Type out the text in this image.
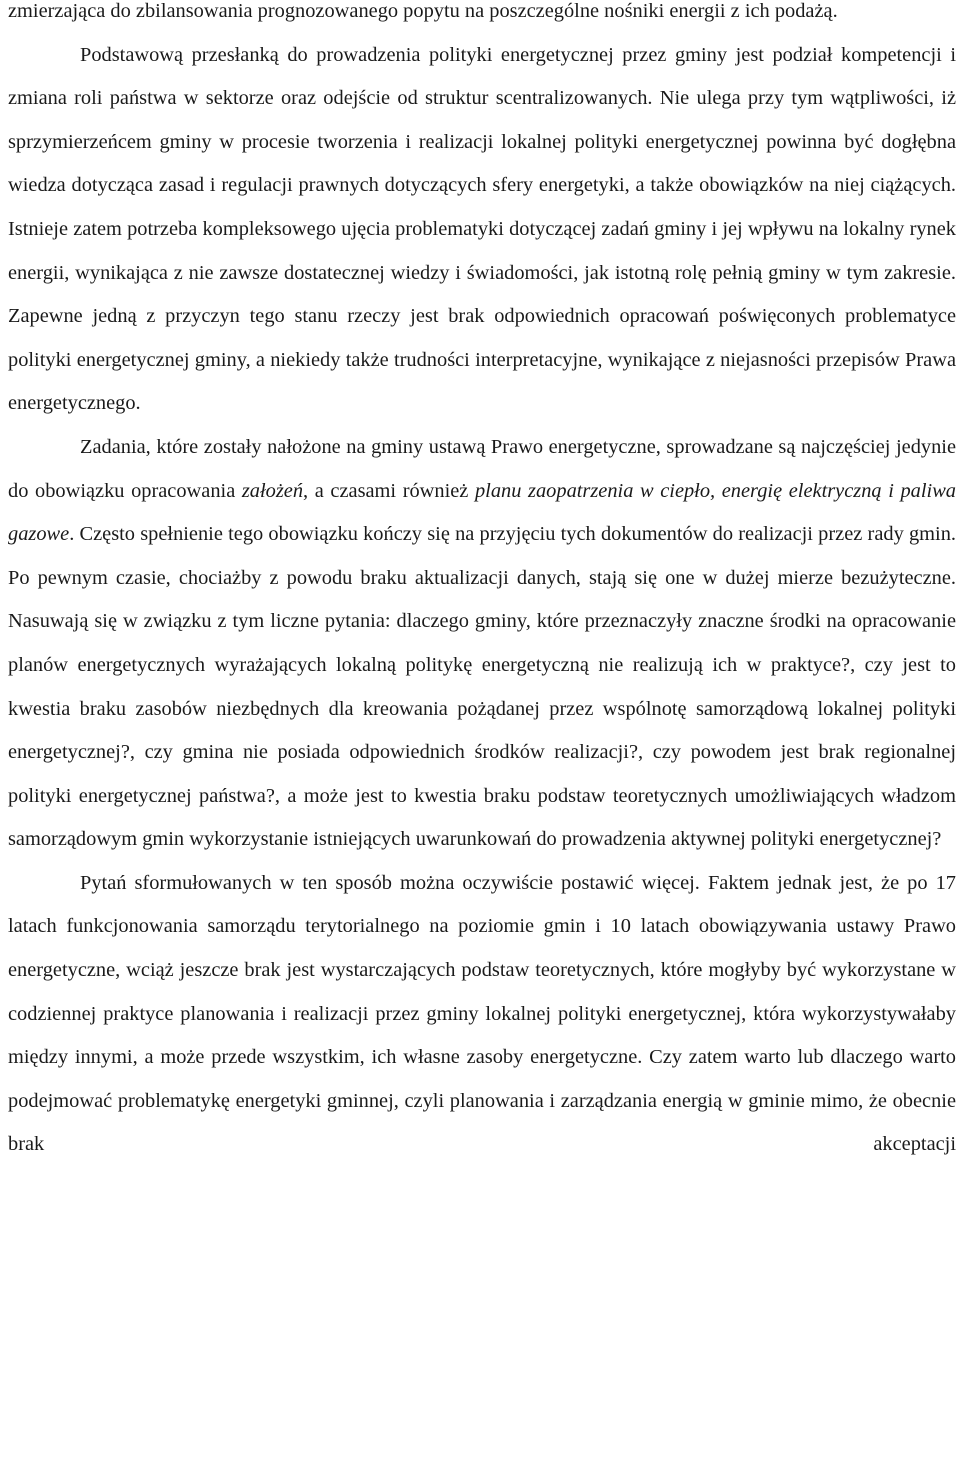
zmierzająca do zbilansowania prognozowanego popytu na poszczególne nośniki energii z ich podażą.

Podstawową przesłanką do prowadzenia polityki energetycznej przez gminy jest podział kompetencji i zmiana roli państwa w sektorze oraz odejście od struktur scentralizowanych. Nie ulega przy tym wątpliwości, iż sprzymierzeńcem gminy w procesie tworzenia i realizacji lokalnej polityki energetycznej powinna być dogłębna wiedza dotycząca zasad i regulacji prawnych dotyczących sfery energetyki, a także obowiązków na niej ciążących. Istnieje zatem potrzeba kompleksowego ujęcia problematyki dotyczącej zadań gminy i jej wpływu na lokalny rynek energii, wynikająca z nie zawsze dostatecznej wiedzy i świadomości, jak istotną rolę pełnią gminy w tym zakresie. Zapewne jedną z przyczyn tego stanu rzeczy jest brak odpowiednich opracowań poświęconych problematyce polityki energetycznej gminy, a niekiedy także trudności interpretacyjne, wynikające z niejasności przepisów Prawa energetycznego.

Zadania, które zostały nałożone na gminy ustawą Prawo energetyczne, sprowadzane są najczęściej jedynie do obowiązku opracowania założeń, a czasami również planu zaopatrzenia w ciepło, energię elektryczną i paliwa gazowe. Często spełnienie tego obowiązku kończy się na przyjęciu tych dokumentów do realizacji przez rady gmin. Po pewnym czasie, chociażby z powodu braku aktualizacji danych, stają się one w dużej mierze bezużyteczne. Nasuwają się w związku z tym liczne pytania: dlaczego gminy, które przeznaczyły znaczne środki na opracowanie planów energetycznych wyrażających lokalną politykę energetyczną nie realizują ich w praktyce?, czy jest to kwestia braku zasobów niezbędnych dla kreowania pożądanej przez wspólnotę samorządową lokalnej polityki energetycznej?, czy gmina nie posiada odpowiednich środków realizacji?, czy powodem jest brak regionalnej polityki energetycznej państwa?, a może jest to kwestia braku podstaw teoretycznych umożliwiających władzom samorządowym gmin wykorzystanie istniejących uwarunkowań do prowadzenia aktywnej polityki energetycznej?

Pytań sformułowanych w ten sposób można oczywiście postawić więcej. Faktem jednak jest, że po 17 latach funkcjonowania samorządu terytorialnego na poziomie gmin i 10 latach obowiązywania ustawy Prawo energetyczne, wciąż jeszcze brak jest wystarczających podstaw teoretycznych, które mogłyby być wykorzystane w codziennej praktyce planowania i realizacji przez gminy lokalnej polityki energetycznej, która wykorzystywałaby między innymi, a może przede wszystkim, ich własne zasoby energetyczne. Czy zatem warto lub dlaczego warto podejmować problematykę energetyki gminnej, czyli planowania i zarządzania energią w gminie mimo, że obecnie brak akceptacji
